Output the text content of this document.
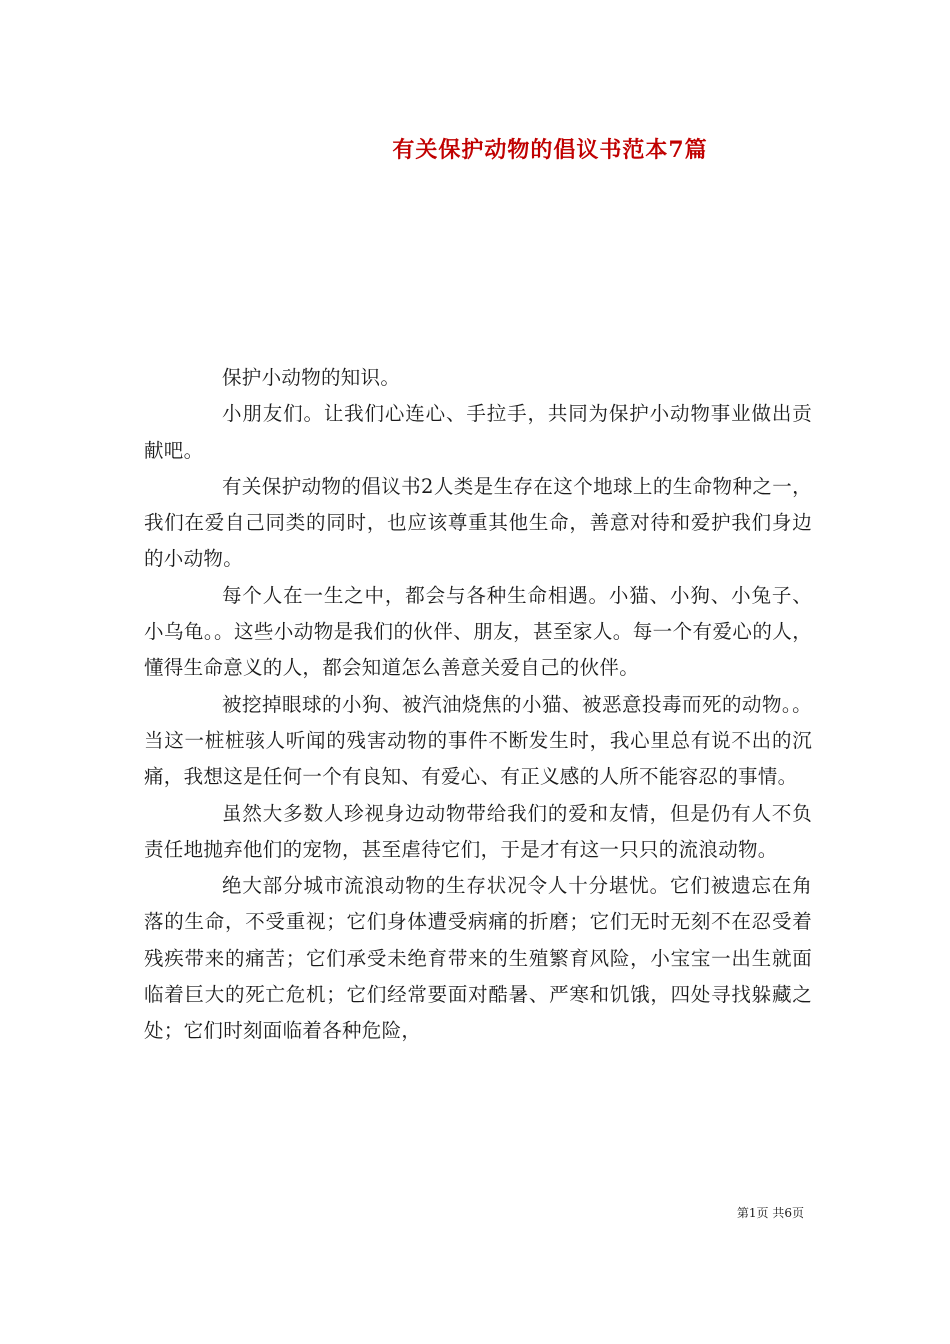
有关保护动物的倡议书范本7篇

保护小动物的知识。

小朋友们。让我们心连心、手拉手，共同为保护小动物事业做出贡献吧。

有关保护动物的倡议书2人类是生存在这个地球上的生命物种之一，我们在爱自己同类的同时，也应该尊重其他生命，善意对待和爱护我们身边的小动物。

每个人在一生之中，都会与各种生命相遇。小猫、小狗、小兔子、小乌龟。。这些小动物是我们的伙伴、朋友，甚至家人。每一个有爱心的人，懂得生命意义的人，都会知道怎么善意关爱自己的伙伴。

被挖掉眼球的小狗、被汽油烧焦的小猫、被恶意投毒而死的动物。。当这一桩桩骇人听闻的残害动物的事件不断发生时，我心里总有说不出的沉痛，我想这是任何一个有良知、有爱心、有正义感的人所不能容忍的事情。

虽然大多数人珍视身边动物带给我们的爱和友情，但是仍有人不负责任地抛弃他们的宠物，甚至虐待它们，于是才有这一只只的流浪动物。

绝大部分城市流浪动物的生存状况令人十分堪忧。它们被遗忘在角落的生命，不受重视；它们身体遭受病痛的折磨；它们无时无刻不在忍受着残疾带来的痛苦；它们承受未绝育带来的生殖繁育风险，小宝宝一出生就面临着巨大的死亡危机；它们经常要面对酷暑、严寒和饥饿，四处寻找躲藏之处；它们时刻面临着各种危险，

第1页 共6页
